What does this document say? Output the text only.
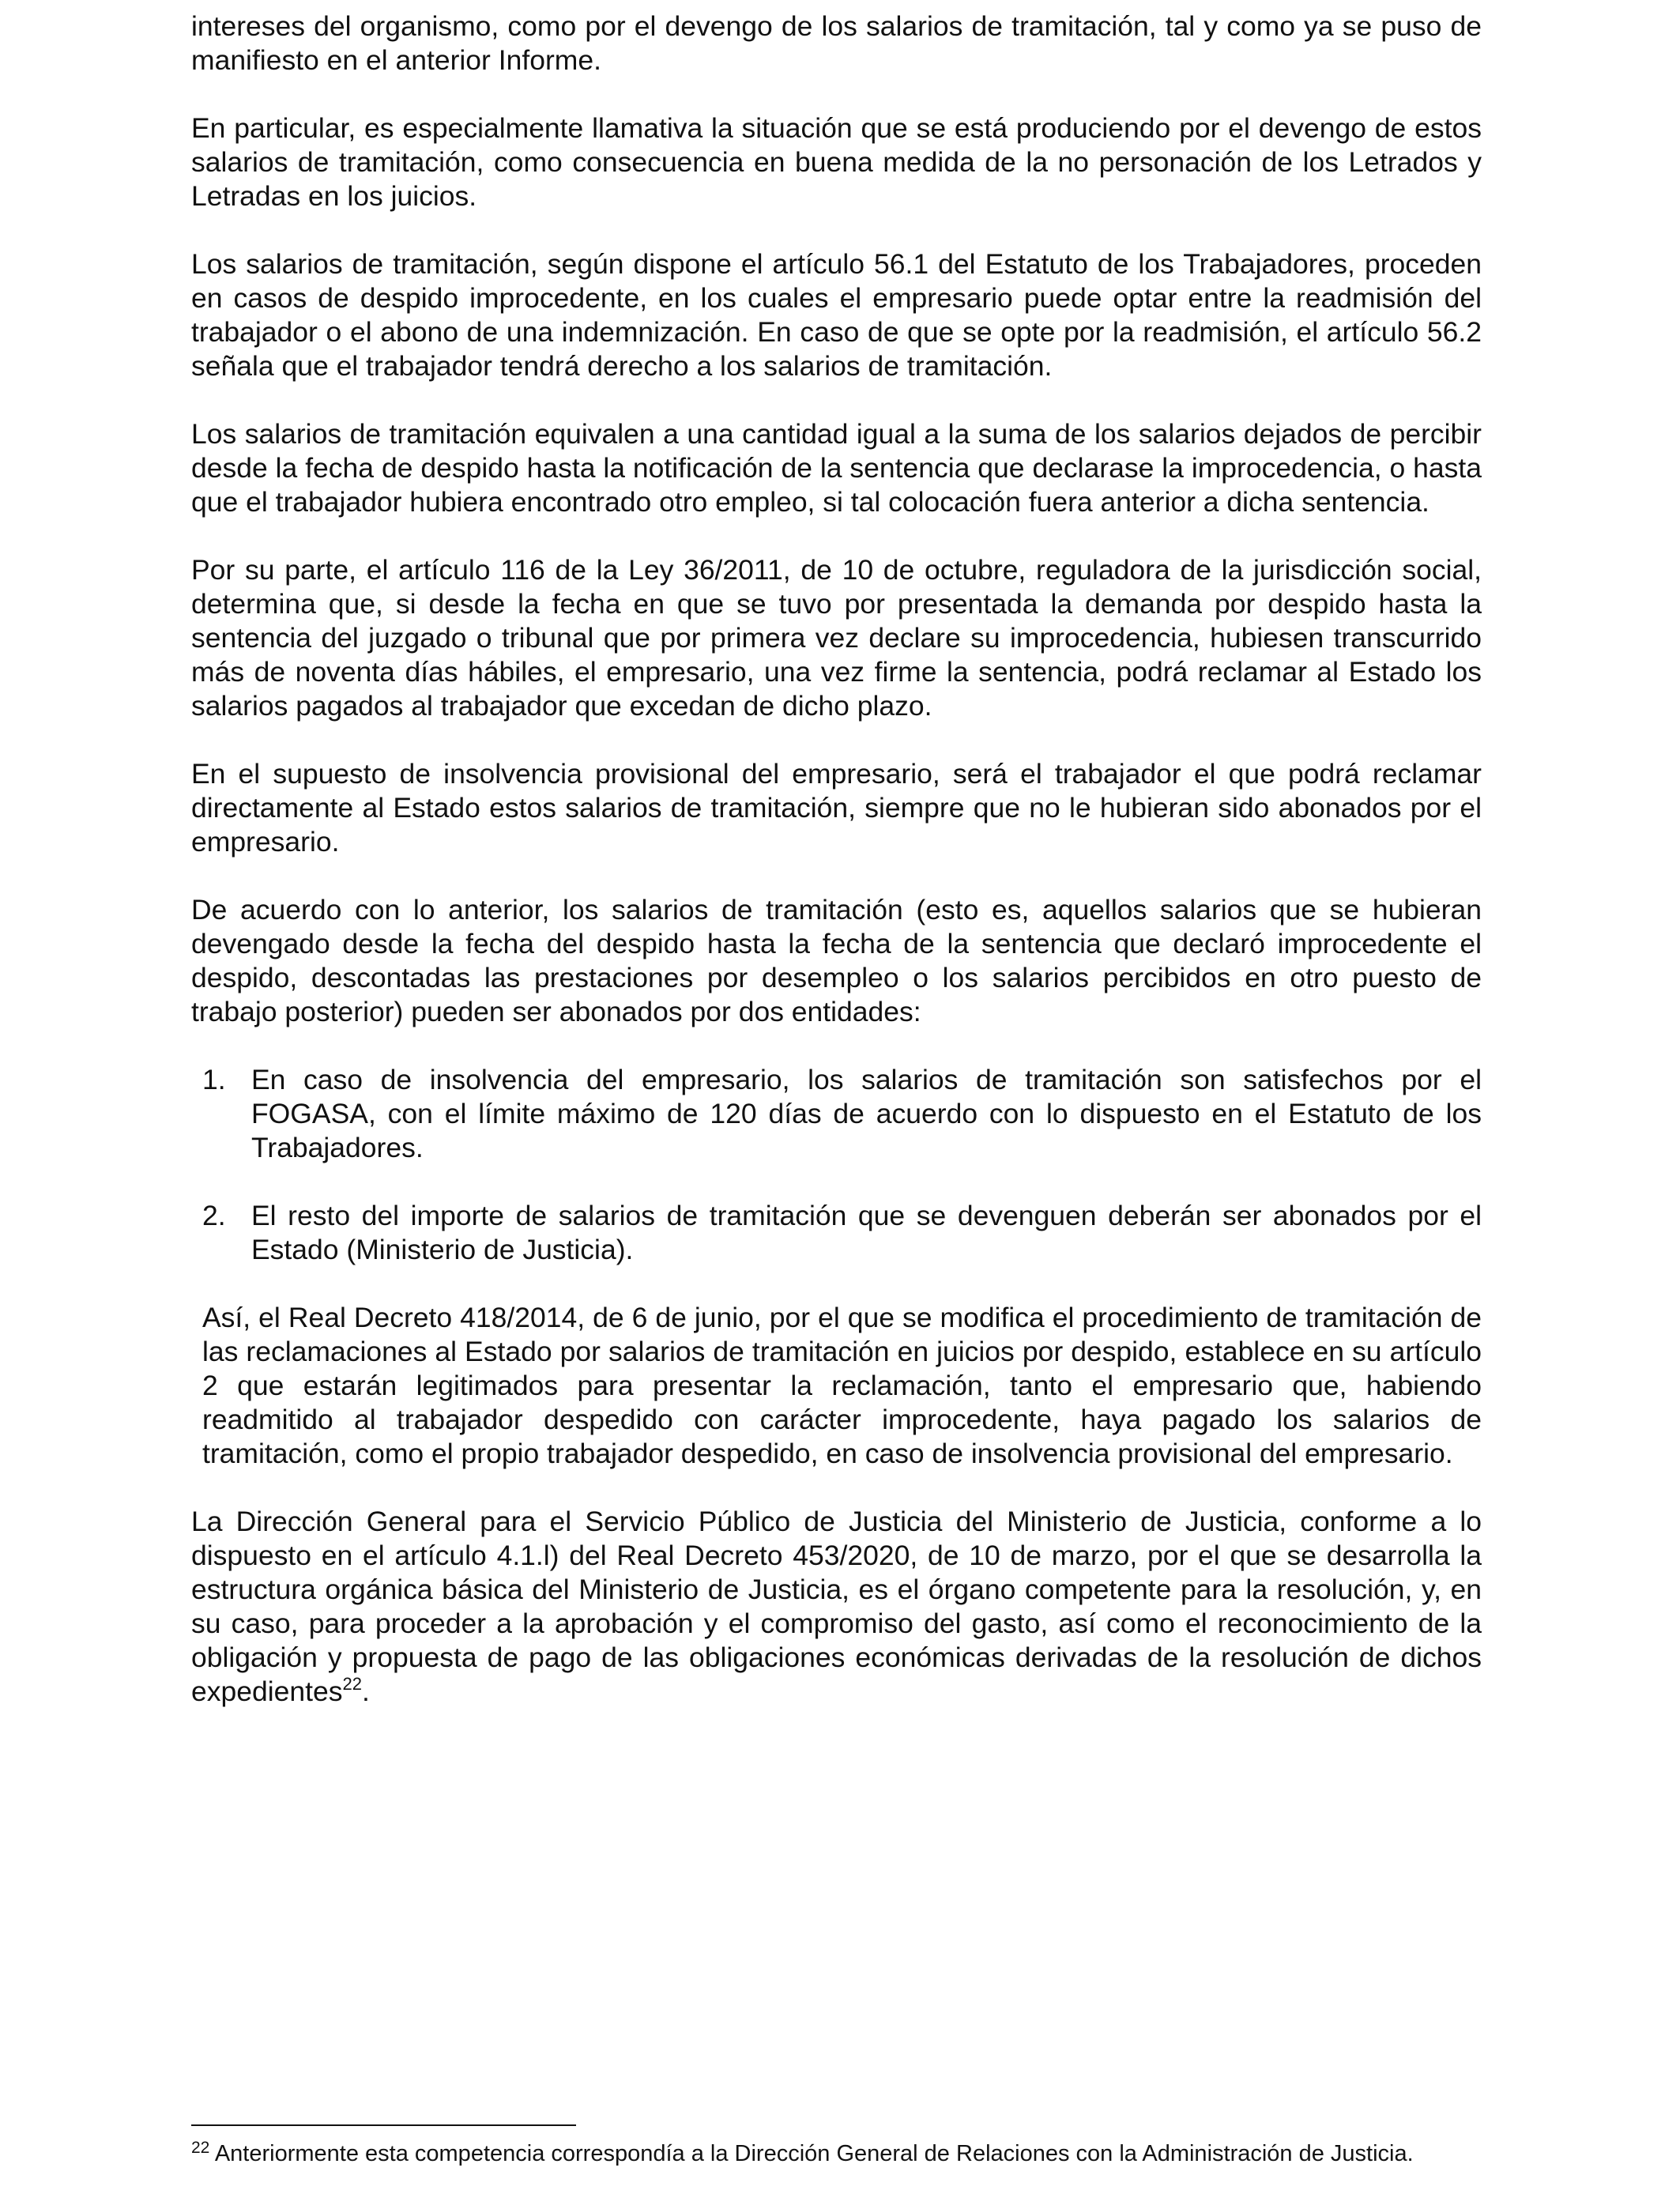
intereses del organismo, como por el devengo de los salarios de tramitación, tal y como ya se puso de manifiesto en el anterior Informe.

En particular, es especialmente llamativa la situación que se está produciendo por el devengo de estos salarios de tramitación, como consecuencia en buena medida de la no personación de los Letrados y Letradas en los juicios.

Los salarios de tramitación, según dispone el artículo 56.1 del Estatuto de los Trabajadores, proceden en casos de despido improcedente, en los cuales el empresario puede optar entre la readmisión del trabajador o el abono de una indemnización. En caso de que se opte por la readmisión, el artículo 56.2 señala que el trabajador tendrá derecho a los salarios de tramitación.

Los salarios de tramitación equivalen a una cantidad igual a la suma de los salarios dejados de percibir desde la fecha de despido hasta la notificación de la sentencia que declarase la improcedencia, o hasta que el trabajador hubiera encontrado otro empleo, si tal colocación fuera anterior a dicha sentencia.

Por su parte, el artículo 116 de la Ley 36/2011, de 10 de octubre, reguladora de la jurisdicción social, determina que, si desde la fecha en que se tuvo por presentada la demanda por despido hasta la sentencia del juzgado o tribunal que por primera vez declare su improcedencia, hubiesen transcurrido más de noventa días hábiles, el empresario, una vez firme la sentencia, podrá reclamar al Estado los salarios pagados al trabajador que excedan de dicho plazo.

En el supuesto de insolvencia provisional del empresario, será el trabajador el que podrá reclamar directamente al Estado estos salarios de tramitación, siempre que no le hubieran sido abonados por el empresario.

De acuerdo con lo anterior, los salarios de tramitación (esto es, aquellos salarios que se hubieran devengado desde la fecha del despido hasta la fecha de la sentencia que declaró improcedente el despido, descontadas las prestaciones por desempleo o los salarios percibidos en otro puesto de trabajo posterior) pueden ser abonados por dos entidades:

1. En caso de insolvencia del empresario, los salarios de tramitación son satisfechos por el FOGASA, con el límite máximo de 120 días de acuerdo con lo dispuesto en el Estatuto de los Trabajadores.
2. El resto del importe de salarios de tramitación que se devenguen deberán ser abonados por el Estado (Ministerio de Justicia).

Así, el Real Decreto 418/2014, de 6 de junio, por el que se modifica el procedimiento de tramitación de las reclamaciones al Estado por salarios de tramitación en juicios por despido, establece en su artículo 2 que estarán legitimados para presentar la reclamación, tanto el empresario que, habiendo readmitido al trabajador despedido con carácter improcedente, haya pagado los salarios de tramitación, como el propio trabajador despedido, en caso de insolvencia provisional del empresario.

La Dirección General para el Servicio Público de Justicia del Ministerio de Justicia, conforme a lo dispuesto en el artículo 4.1.l) del Real Decreto 453/2020, de 10 de marzo, por el que se desarrolla la estructura orgánica básica del Ministerio de Justicia, es el órgano competente para la resolución, y, en su caso, para proceder a la aprobación y el compromiso del gasto, así como el reconocimiento de la obligación y propuesta de pago de las obligaciones económicas derivadas de la resolución de dichos expedientes$^{22}$.

$^{22}$ Anteriormente esta competencia correspondía a la Dirección General de Relaciones con la Administración de Justicia.
